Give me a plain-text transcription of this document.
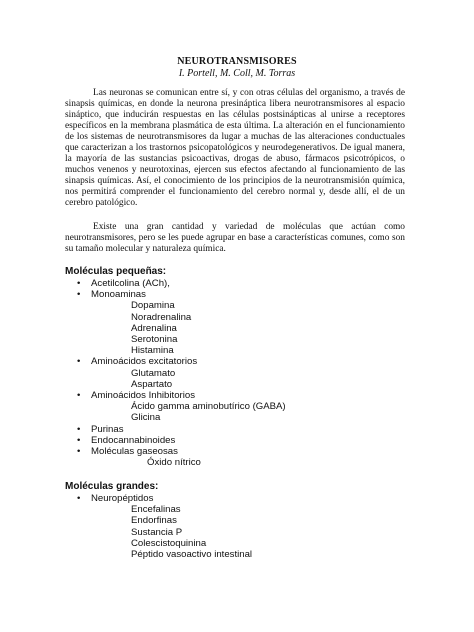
NEUROTRANSMISORES
I. Portell, M. Coll, M. Torras

Las neuronas se comunican entre sí, y con otras células del organismo, a través de sinapsis químicas, en donde la neurona presináptica libera neurotransmisores al espacio sináptico, que inducirán respuestas en las células postsinápticas al unirse a receptores específicos en la membrana plasmática de esta última. La alteración en el funcionamiento de los sistemas de neurotransmisores da lugar a muchas de las alteraciones conductuales que caracterizan a los trastornos psicopatológicos y neurodegenerativos. De igual manera, la mayoría de las sustancias psicoactivas, drogas de abuso, fármacos psicotrópicos, o muchos venenos y neurotoxinas, ejercen sus efectos afectando al funcionamiento de las sinapsis químicas. Así, el conocimiento de los principios de la neurotransmisión química, nos permitirá comprender el funcionamiento del cerebro normal y, desde allí, el de un cerebro patológico.

Existe una gran cantidad y variedad de moléculas que actúan como neurotransmisores, pero se les puede agrupar en base a características comunes, como son su tamaño molecular y naturaleza química.

Moléculas pequeñas:
•	Acetilcolina (ACh),
•	Monoaminas
Dopamina
Noradrenalina
Adrenalina
Serotonina
Histamina
•	Aminoácidos excitatorios
Glutamato
Aspartato
•	Aminoácidos Inhibitorios
Ácido gamma aminobutírico (GABA)
Glicina
•	Purinas
•	Endocannabinoides
•	Moléculas gaseosas
Óxido nítrico
Moléculas grandes:
•	Neuropéptidos
Encefalinas
Endorfinas
Sustancia P
Colescistoquinina
Péptido vasoactivo intestinal
